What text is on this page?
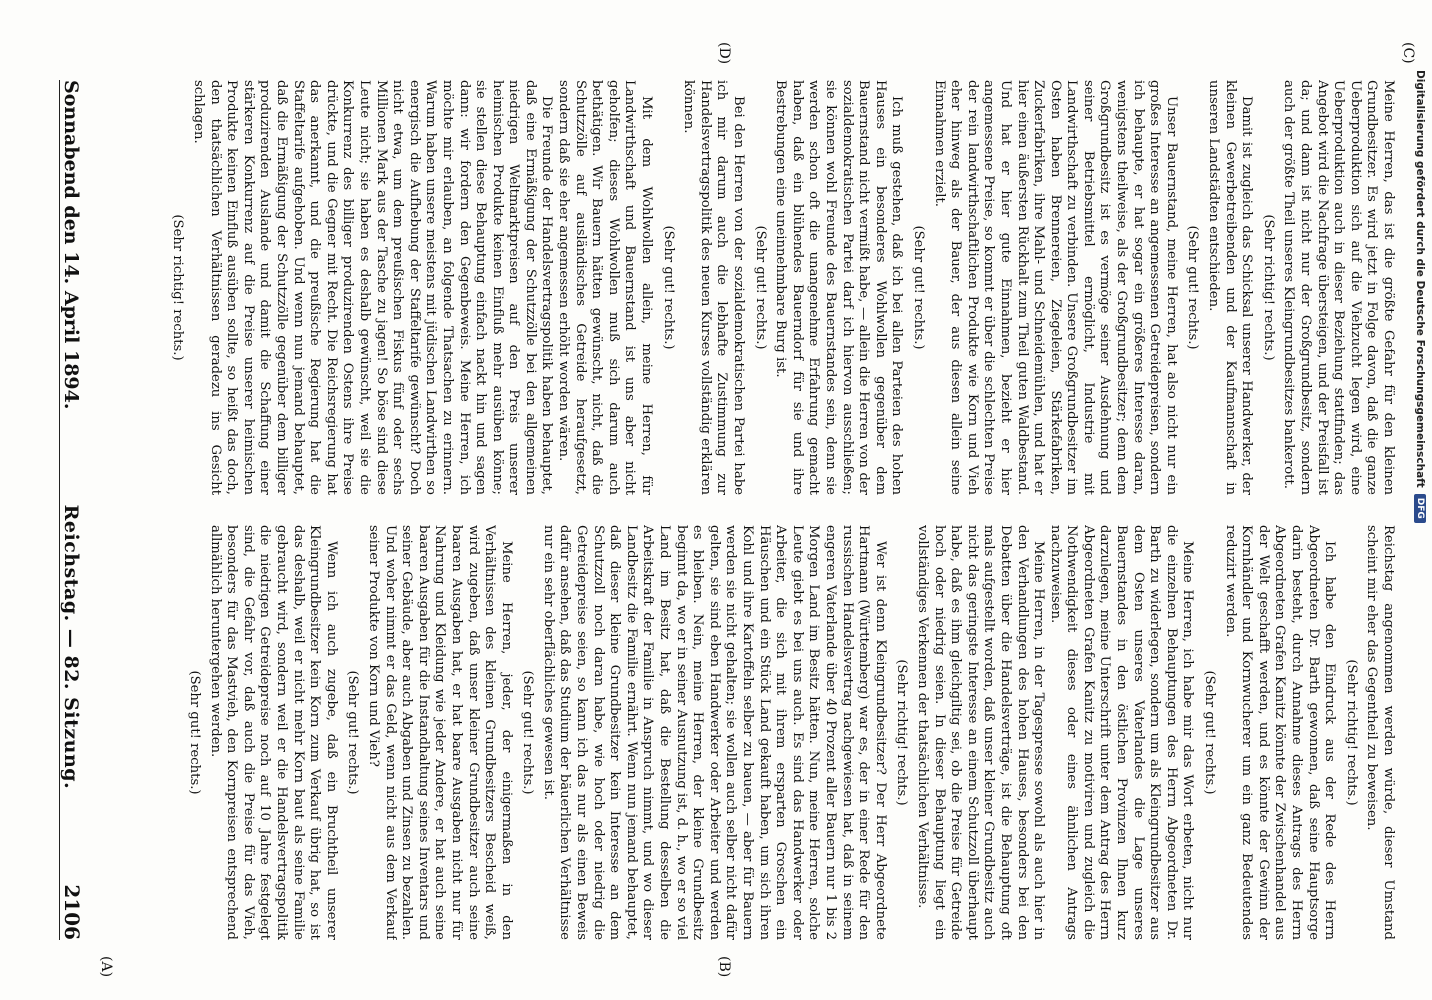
Digitalisierung gefördert durch die Deutsche Forschungsgemeinschaft
DFG

Reichstag angenommen werden würde, dieser Umstand scheint mir eher das Gegentheil zu beweisen.

(Sehr richtig! rechts.)

Ich habe den Eindruck aus der Rede des Herrn Abgeordneten Dr. Barth gewonnen, daß seine Hauptsorge darin besteht, durch Annahme dieses Antrags des Herrn Abgeordneten Grafen Kanitz könnte der Zwischenhandel aus der Welt geschafft werden, und es könnte der Gewinn der Kornhändler und Kornwucherer um ein ganz Bedeutendes reduzirt werden.

(Sehr gut! rechts.)

Meine Herren, ich habe mir das Wort erbeten, nicht nur die einzelnen Behauptungen des Herrn Abgeordneten Dr. Barth zu widerlegen, sondern um als Kleingrundbesitzer aus dem Osten unseres Vaterlandes die Lage unseres Bauernstandes in den östlichen Provinzen Ihnen kurz darzulegen, meine Unterschrift unter dem Antrag des Herrn Abgeordneten Grafen Kanitz zu motiviren und zugleich die Nothwendigkeit dieses oder eines ähnlichen Antrags nachzuweisen.

Meine Herren, in der Tagespresse sowohl als auch hier in den Verhandlungen des hohen Hauses, besonders bei den Debatten über die Handelsverträge, ist die Behauptung oft mals aufgestellt worden, daß unser kleiner Grundbesitz auch nicht das geringste Interesse an einem Schutzzoll überhaupt habe, daß es ihm gleichgiltig sei, ob die Preise für Getreide hoch oder niedrig seien. In dieser Behauptung liegt ein vollständiges Verkennen der thatsächlichen Verhältnisse.

(Sehr richtig! rechts.)

Wer ist denn Kleingrundbesitzer? Der Herr Abgeordnete Hartmann (Württemberg) war es, der in einer Rede für den russischen Handelsvertrag nachgewiesen hat, daß in seinem engeren Vaterlande über 40 Prozent aller Bauern nur 1 bis 2 Morgen Land im Besitz hätten. Nun, meine Herren, solche Leute giebt es bei uns auch. Es sind das Handwerker oder Arbeiter, die sich mit ihrem ersparten Groschen ein Häuschen und ein Stück Land gekauft haben, um sich ihren Kohl und ihre Kartoffeln selber zu bauen, — aber für Bauern werden sie nicht gehalten; sie wollen auch selber nicht dafür gelten, sie sind eben Handwerker oder Arbeiter und werden es bleiben. Nein, meine Herren, der kleine Grundbesitz beginnt da, wo er in seiner Ausnutzung ist, d. h., wo er so viel Land im Besitz hat, daß die Bestellung desselben die Arbeitskraft der Familie in Anspruch nimmt, und wo dieser Landbesitz die Familie ernährt. Wenn nun jemand behauptet, daß dieser kleine Grundbesitzer kein Interesse an dem Schutzzoll noch daran habe, wie hoch oder niedrig die Getreidepreise seien, so kann ich das nur als einen Beweis dafür ansehen, daß das Studium der bäuerlichen Verhältnisse nur ein sehr oberflächliches gewesen ist.

(Sehr gut! rechts.)

Meine Herren, jeder, der einigermaßen in den Verhältnissen des kleinen Grundbesitzers Bescheid weiß, wird zugeben, daß unser kleiner Grundbesitzer auch seine baaren Ausgaben hat, er hat baare Ausgaben nicht nur für Nahrung und Kleidung wie jeder Andere, er hat auch seine baaren Ausgaben für die Instandhaltung seines Inventars und seiner Gebäude, aber auch Abgaben und Zinsen zu bezahlen. Und woher nimmt er das Geld, wenn nicht aus dem Verkauf seiner Produkte von Korn und Vieh?

(Sehr gut! rechts.)

Wenn ich auch zugebe, daß ein Bruchtheil unserer Kleingrundbesitzer kein Korn zum Verkauf übrig hat, so ist das deshalb, weil er nicht mehr Korn baut als seine Familie gebraucht wird, sondern weil er die Handelsvertragspolitik die niedrigen Getreidepreise noch auf 10 Jahre festgelegt sind, die Gefahr vor, daß auch die Preise für das Vieh, besonders für das Mastvieh, den Kornpreisen entsprechend allmählich heruntergehen werden.

(Sehr gut! rechts.)

Meine Herren, das ist die größte Gefahr für den kleinen Grundbesitzer. Es wird jetzt in Folge davon, daß die ganze Ueberproduktion sich auf die Viehzucht legen wird, eine Ueberproduktion auch in dieser Beziehung stattfinden; das Angebot wird die Nachfrage übersteigen, und der Preisfall ist da; und dann ist nicht nur der Großgrundbesitz, sondern auch der größte Theil unseres Kleingrundbesitzes bankerott.

(Sehr richtig! rechts.)

Damit ist zugleich das Schicksal unserer Handwerker, der kleinen Gewerbetreibenden und der Kaufmannschaft in unseren Landstädten entschieden.

(Sehr gut! rechts.)

Unser Bauernstand, meine Herren, hat also nicht nur ein großes Interesse an angemessenen Getreidepreisen, sondern ich behaupte, er hat sogar ein größeres Interesse daran, wenigstens theilweise, als der Großgrundbesitzer; denn dem Großgrundbesitz ist es vermöge seiner Ausdehnung und seiner Betriebsmittel ermöglicht, Industrie mit Landwirthschaft zu verbinden. Unsere Großgrundbesitzer im Osten haben Brennereien, Ziegeleien, Stärkefabriken, Zuckerfabriken, ihre Mahl- und Schneidemühlen, und hat er hier einen äußersten Rückhalt zum Theil guten Waldbestand. Und hat er hier gute Einnahmen, bezieht er hier angemessene Preise, so kommt er über die schlechten Preise der rein landwirthschaftlichen Produkte wie Korn und Vieh eher hinweg als der Bauer, der aus diesen allein seine Einnahmen erzielt.

(Sehr gut! rechts.)

Ich muß gestehen, daß ich bei allen Parteien des hohen Hauses ein besonderes Wohlwollen gegenüber dem Bauernstand nicht vermißt habe, — allein die Herren von der sozialdemokratischen Partei darf ich hiervon ausschließen; sie können wohl Freunde des Bauernstandes sein, denn sie werden schon oft die unangenehme Erfahrung gemacht haben, daß ein blühendes Bauerndorf für sie und ihre Bestrebungen eine uneinnehmbare Burg ist.

(Sehr gut! rechts.)

Bei den Herren von der sozialdemokratischen Partei habe ich mir darum auch die lebhafte Zustimmung zur Handelsvertragspolitik des neuen Kurses vollständig erklären können.

(Sehr gut! rechts.)

Mit dem Wohlwollen allein, meine Herren, für Landwirthschaft und Bauernstand ist uns aber nicht geholfen; dieses Wohlwollen muß sich darum auch bethätigen. Wir Bauern hätten gewünscht, nicht, daß die Schutzzölle auf ausländisches Getreide heraufgesetzt, sondern daß sie eher angemessen erhöht worden wären.

Die Freunde der Handelsvertragspolitik haben behauptet, daß eine Ermäßigung der Schutzzölle bei den allgemeinen niedrigen Weltmarktpreisen auf den Preis unserer heimischen Produkte keinen Einfluß mehr ausüben könne; sie stellen diese Behauptung einfach nackt hin und sagen dann: wir fordern den Gegenbeweis. Meine Herren, ich möchte mir erlauben, an folgende Thatsachen zu erinnern. Warum haben unsere meistens mit jüdischen Landwirthen so energisch die Aufhebung der Staffeltarife gewünscht? Doch nicht etwa, um dem preußischen Fiskus fünf oder sechs Millionen Mark aus der Tasche zu jagen! So böse sind diese Leute nicht; sie haben es deshalb gewünscht, weil sie die Konkurrenz des billiger produzirenden Ostens ihre Preise drückte, und die Gegner mit Recht. Die Reichsregierung hat das anerkannt, und die preußische Regierung hat die Staffeltarife aufgehoben. Und wenn nun jemand behauptet, daß die Ermäßigung der Schutzzölle gegenüber dem billiger produzirenden Auslande und damit die Schaffung einer stärkeren Konkurrenz auf die Preise unserer heimischen Produkte keinen Einfluß ausüben sollte, so heißt das doch, den thatsächlichen Verhältnissen geradezu ins Gesicht schlagen.

(Sehr richtig! rechts.)

(C)
(D)
(B)
(A)
Sonnabend den 14. April 1894.
Reichstag. — 82. Sitzung.
2106
